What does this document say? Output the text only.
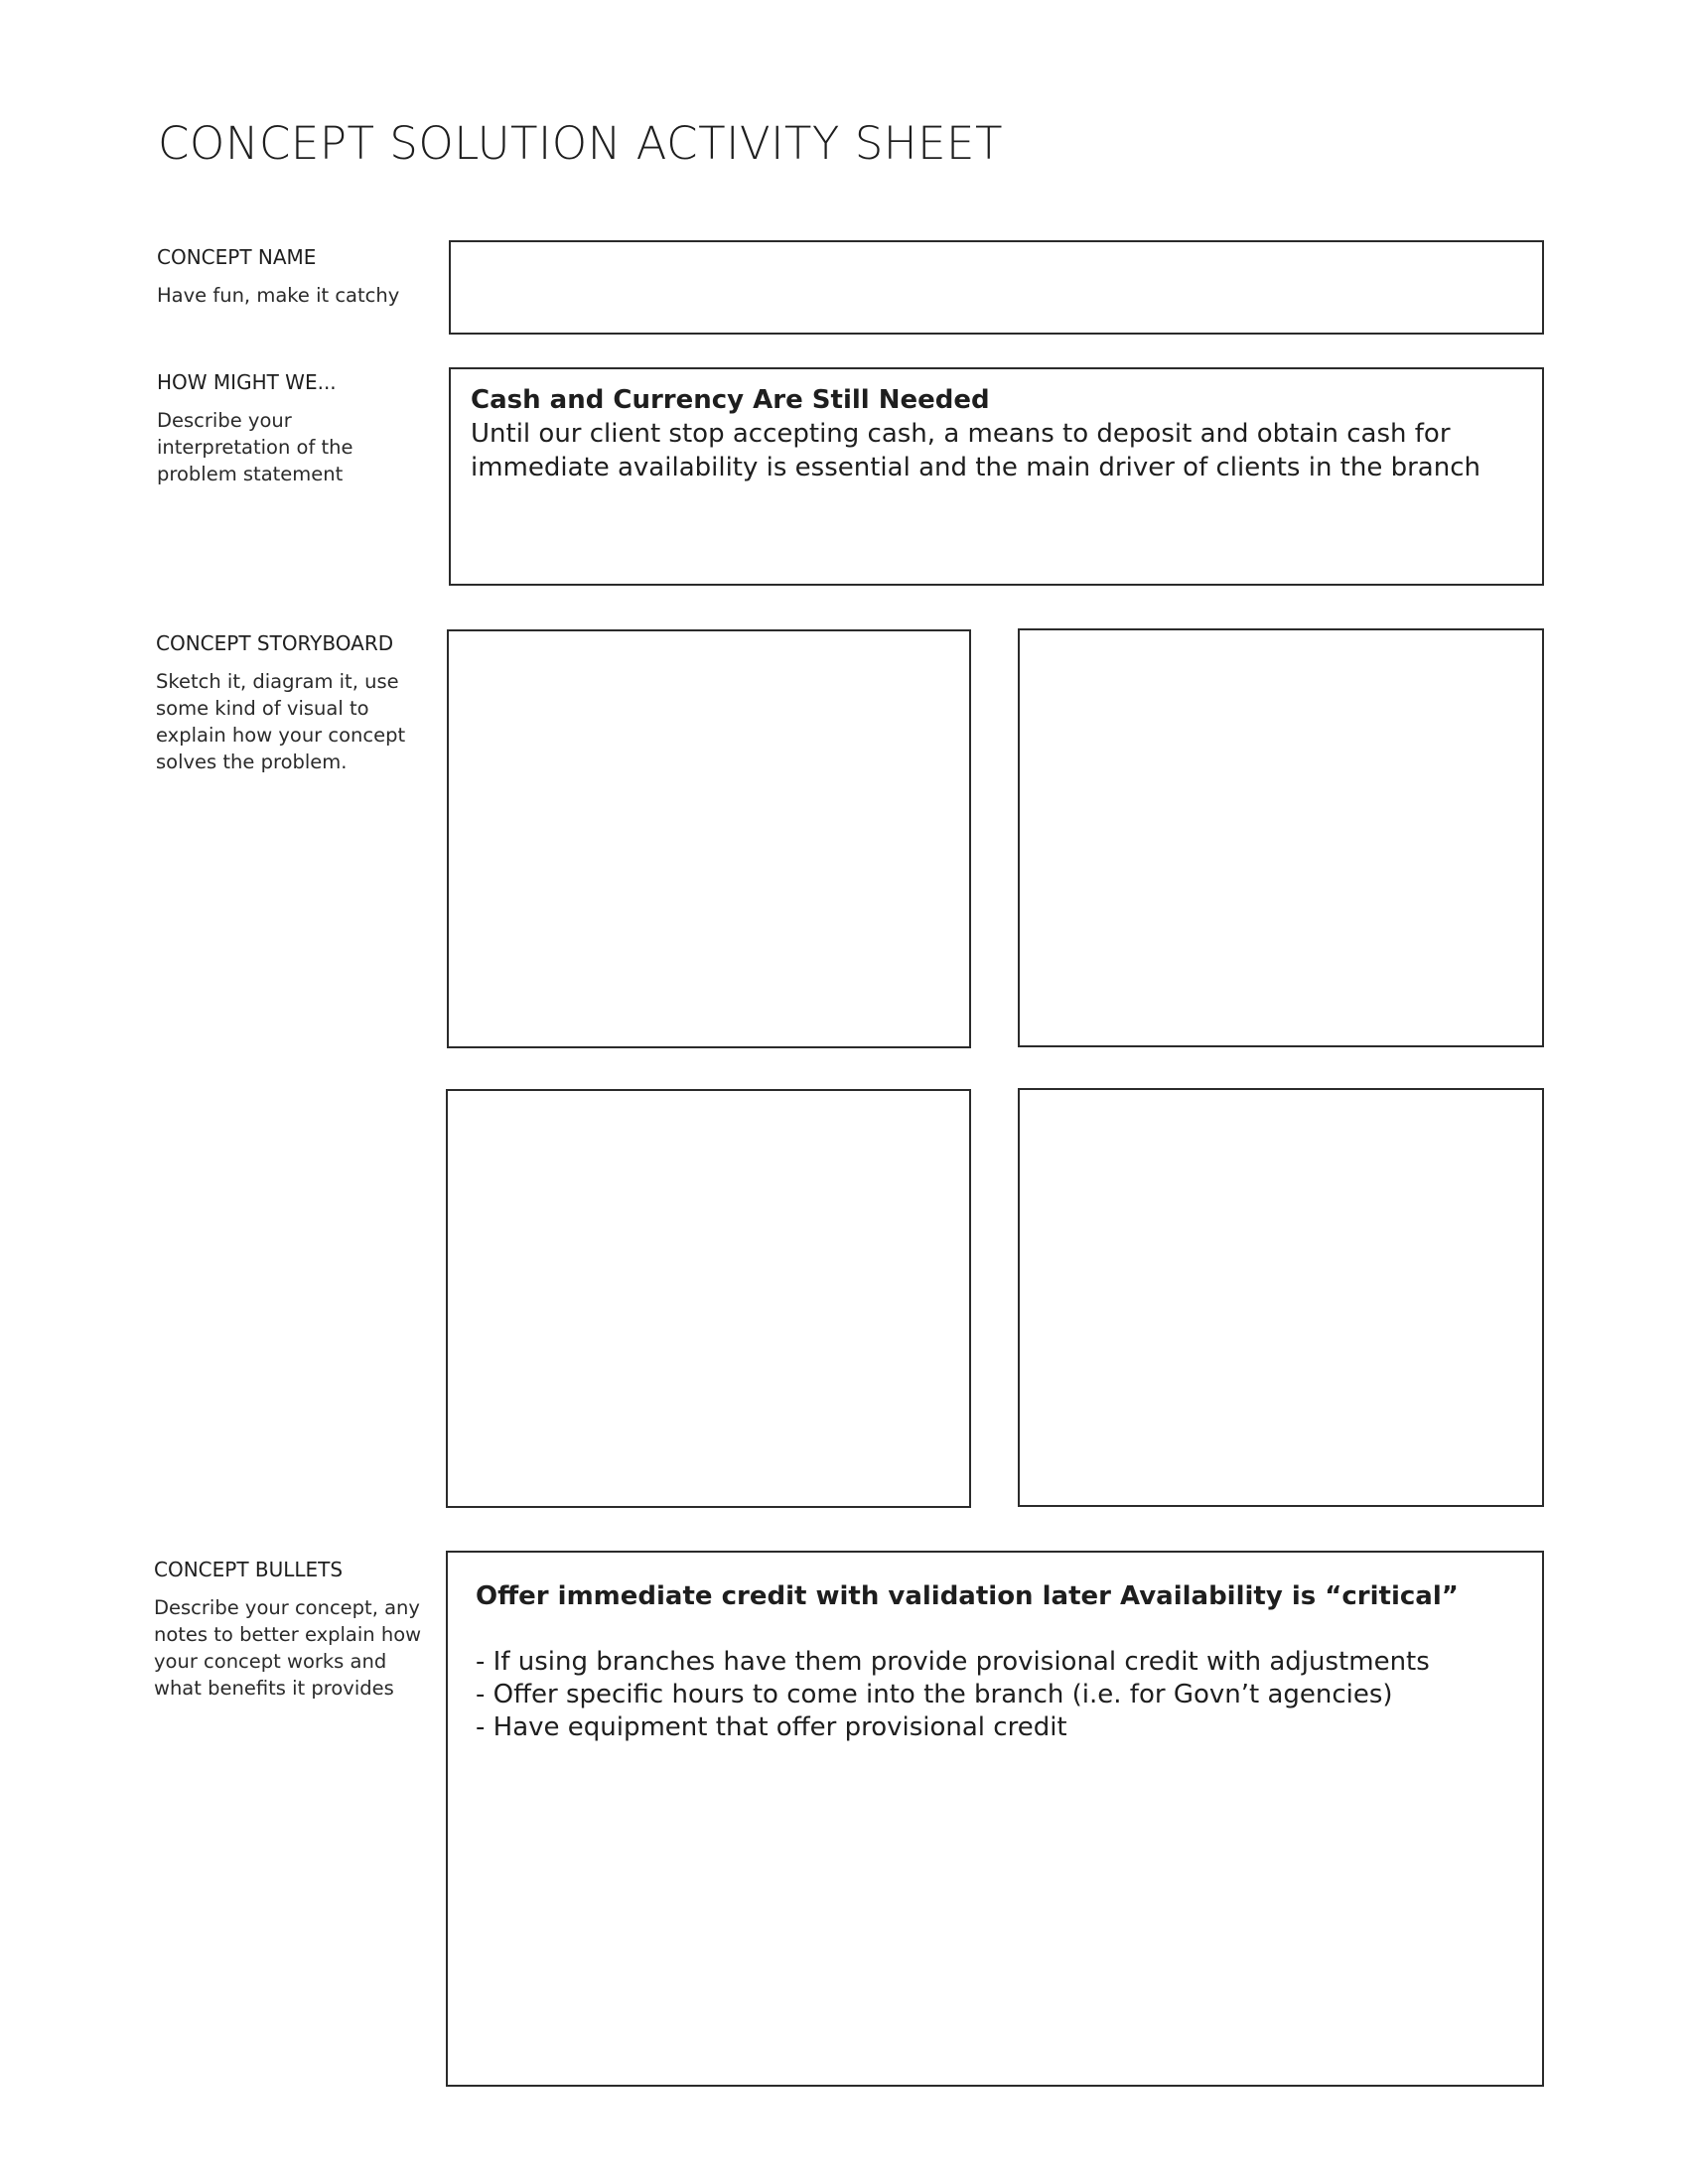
CONCEPT SOLUTION ACTIVITY SHEET
CONCEPT NAME
Have fun, make it catchy
HOW MIGHT WE...
Describe your interpretation of the problem statement
Cash and Currency Are Still Needed
Until our client stop accepting cash, a means to deposit and obtain cash for immediate availability is essential and the main driver of clients in the branch
CONCEPT STORYBOARD
Sketch it, diagram it, use some kind of visual to explain how your concept solves the problem.
CONCEPT BULLETS
Describe your concept, any notes to better explain how your concept works and what benefits it provides
Offer immediate credit with validation later Availability is “critical”
- If using branches have them provide provisional credit with adjustments
- Offer specific hours to come into the branch (i.e. for Govn’t agencies)
- Have equipment that offer provisional credit
